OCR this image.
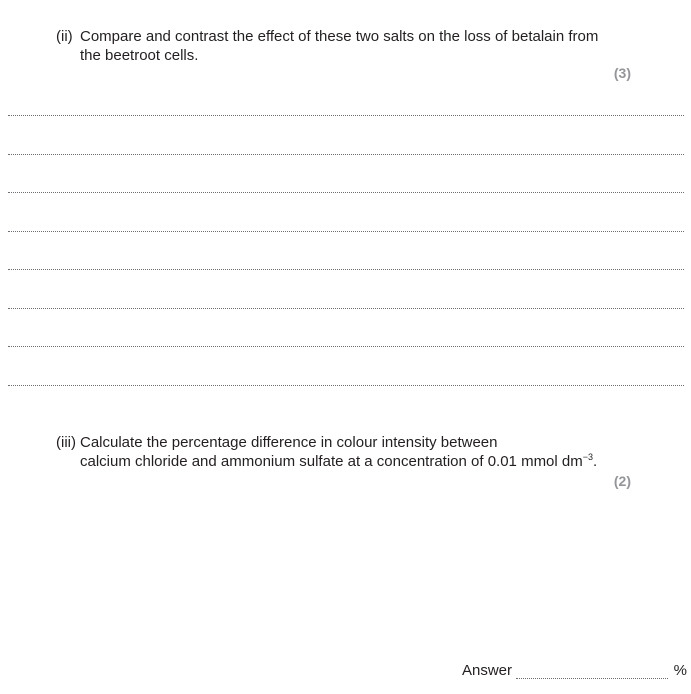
(ii) Compare and contrast the effect of these two salts on the loss of betalain from
the beetroot cells.
(3)
(iii) Calculate the percentage difference in colour intensity between
calcium chloride and ammonium sulfate at a concentration of 0.01 mmol $dm^{-3}$.
(2)
Answer	%
